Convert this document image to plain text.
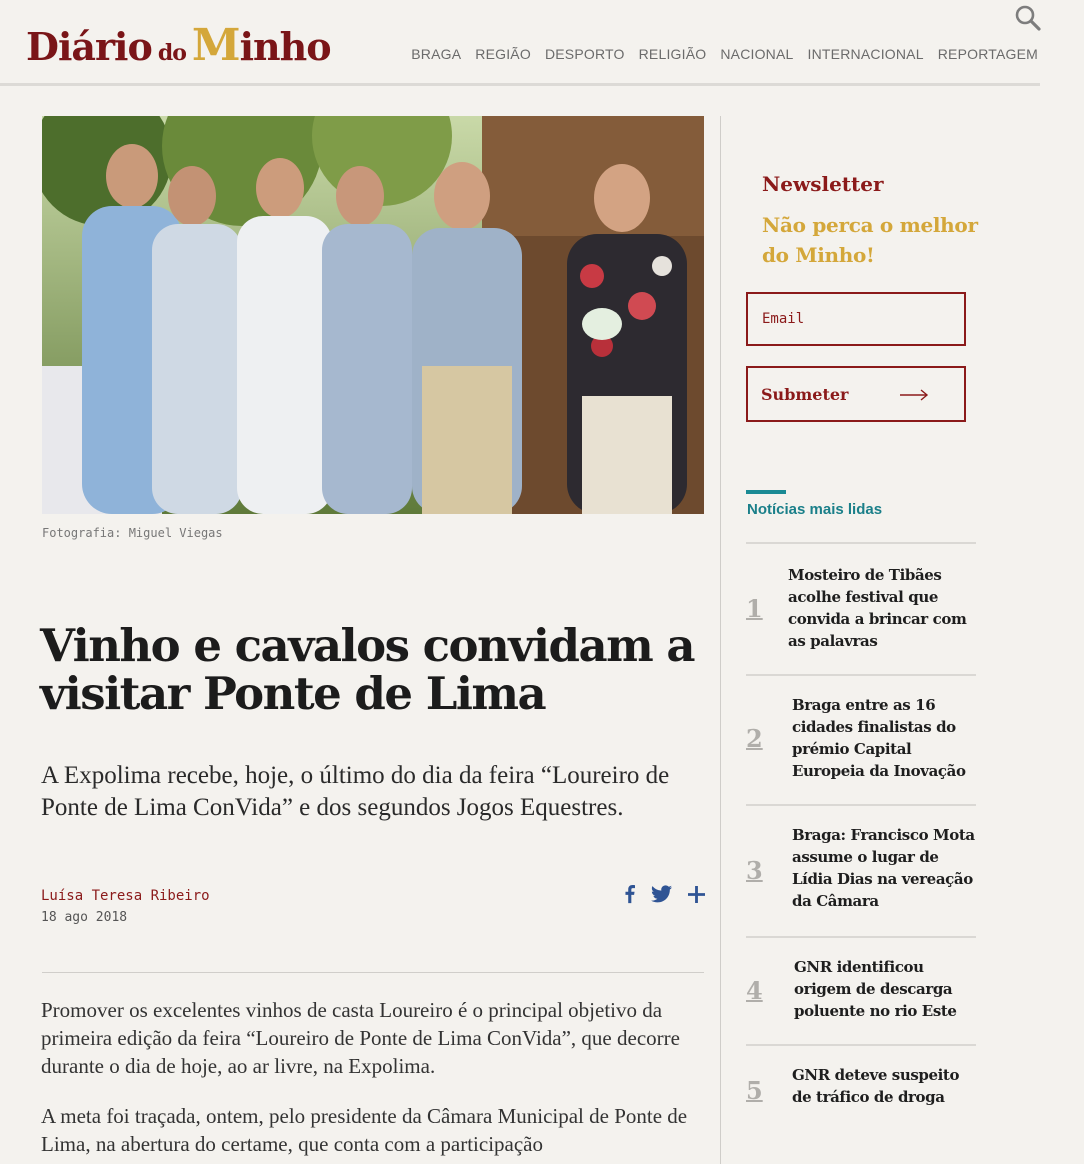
Diário do M inho	BRAGA REGIÃO DESPORTO RELIGIÃO NACIONAL INTERNACIONAL REPORTAGEM
Fotografia: Miguel Viegas
Vinho e cavalos convidam a visitar Ponte de Lima

A Expolima recebe, hoje, o último do dia da feira “Loureiro de Ponte de Lima ConVida” e dos segundos Jogos Equestres.

Luísa Teresa Ribeiro
18 ago 2018

Promover os excelentes vinhos de casta Loureiro é o principal objetivo da primeira edição da feira “Loureiro de Ponte de Lima ConVida”, que decorre durante o dia de hoje, ao ar livre, na Expolima.

A meta foi traçada, ontem, pelo presidente da Câmara Municipal de Ponte de Lima, na abertura do certame, que conta com a participação

Newsletter
Não perca o melhor do Minho!
Email
Submeter
Notícias mais lidas
1
Mosteiro de Tibães acolhe festival que convida a brincar com as palavras
2
Braga entre as 16 cidades finalistas do prémio Capital Europeia da Inovação
3
Braga: Francisco Mota assume o lugar de Lídia Dias na vereação da Câmara
4
GNR identificou origem de descarga poluente no rio Este
5
GNR deteve suspeito de tráfico de droga
